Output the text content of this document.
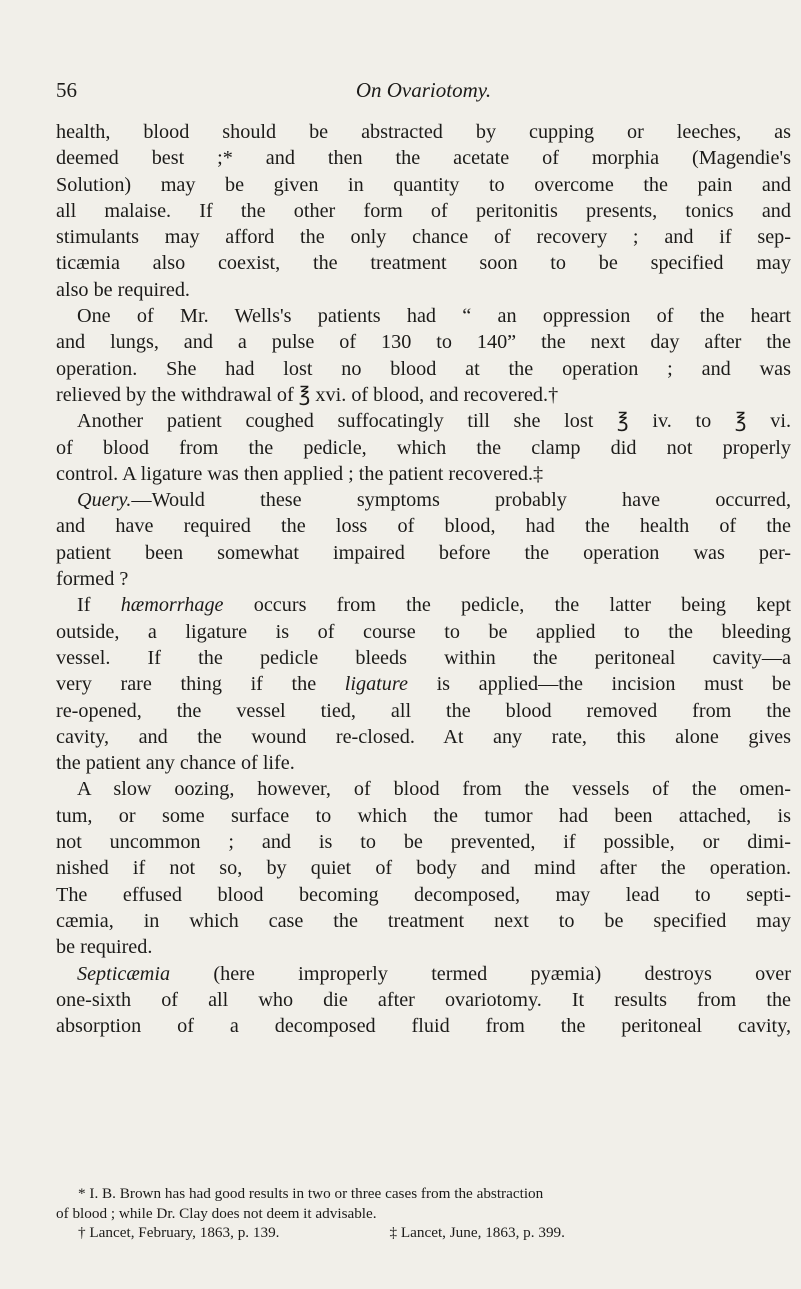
56	On Ovariotomy.

health, blood should be abstracted by cupping or leeches, as

deemed best ;* and then the acetate of morphia (Magendie's

Solution) may be given in quantity to overcome the pain and

all malaise. If the other form of peritonitis presents, tonics and

stimulants may afford the only chance of recovery ; and if sep-

ticæmia also coexist, the treatment soon to be specified may

also be required.

One of Mr. Wells's patients had “ an oppression of the heart

and lungs, and a pulse of 130 to 140” the next day after the

operation. She had lost no blood at the operation ; and was

relieved by the withdrawal of ℥ xvi. of blood, and recovered.†

Another patient coughed suffocatingly till she lost ℥ iv. to ℥ vi.

of blood from the pedicle, which the clamp did not properly

control. A ligature was then applied ; the patient recovered.‡

Query.—Would these symptoms probably have occurred,

and have required the loss of blood, had the health of the

patient been somewhat impaired before the operation was per-

formed ?

If hæmorrhage occurs from the pedicle, the latter being kept

outside, a ligature is of course to be applied to the bleeding

vessel. If the pedicle bleeds within the peritoneal cavity—a

very rare thing if the ligature is applied—the incision must be

re-opened, the vessel tied, all the blood removed from the

cavity, and the wound re-closed. At any rate, this alone gives

the patient any chance of life.

A slow oozing, however, of blood from the vessels of the omen-

tum, or some surface to which the tumor had been attached, is

not uncommon ; and is to be prevented, if possible, or dimi-

nished if not so, by quiet of body and mind after the operation.

The effused blood becoming decomposed, may lead to septi-

cæmia, in which case the treatment next to be specified may

be required.

Septicæmia (here improperly termed pyæmia) destroys over

one-sixth of all who die after ovariotomy. It results from the

absorption of a decomposed fluid from the peritoneal cavity,

* I. B. Brown has had good results in two or three cases from the abstraction

of blood ; while Dr. Clay does not deem it advisable.

† Lancet, February, 1863, p. 139.	‡ Lancet, June, 1863, p. 399.
